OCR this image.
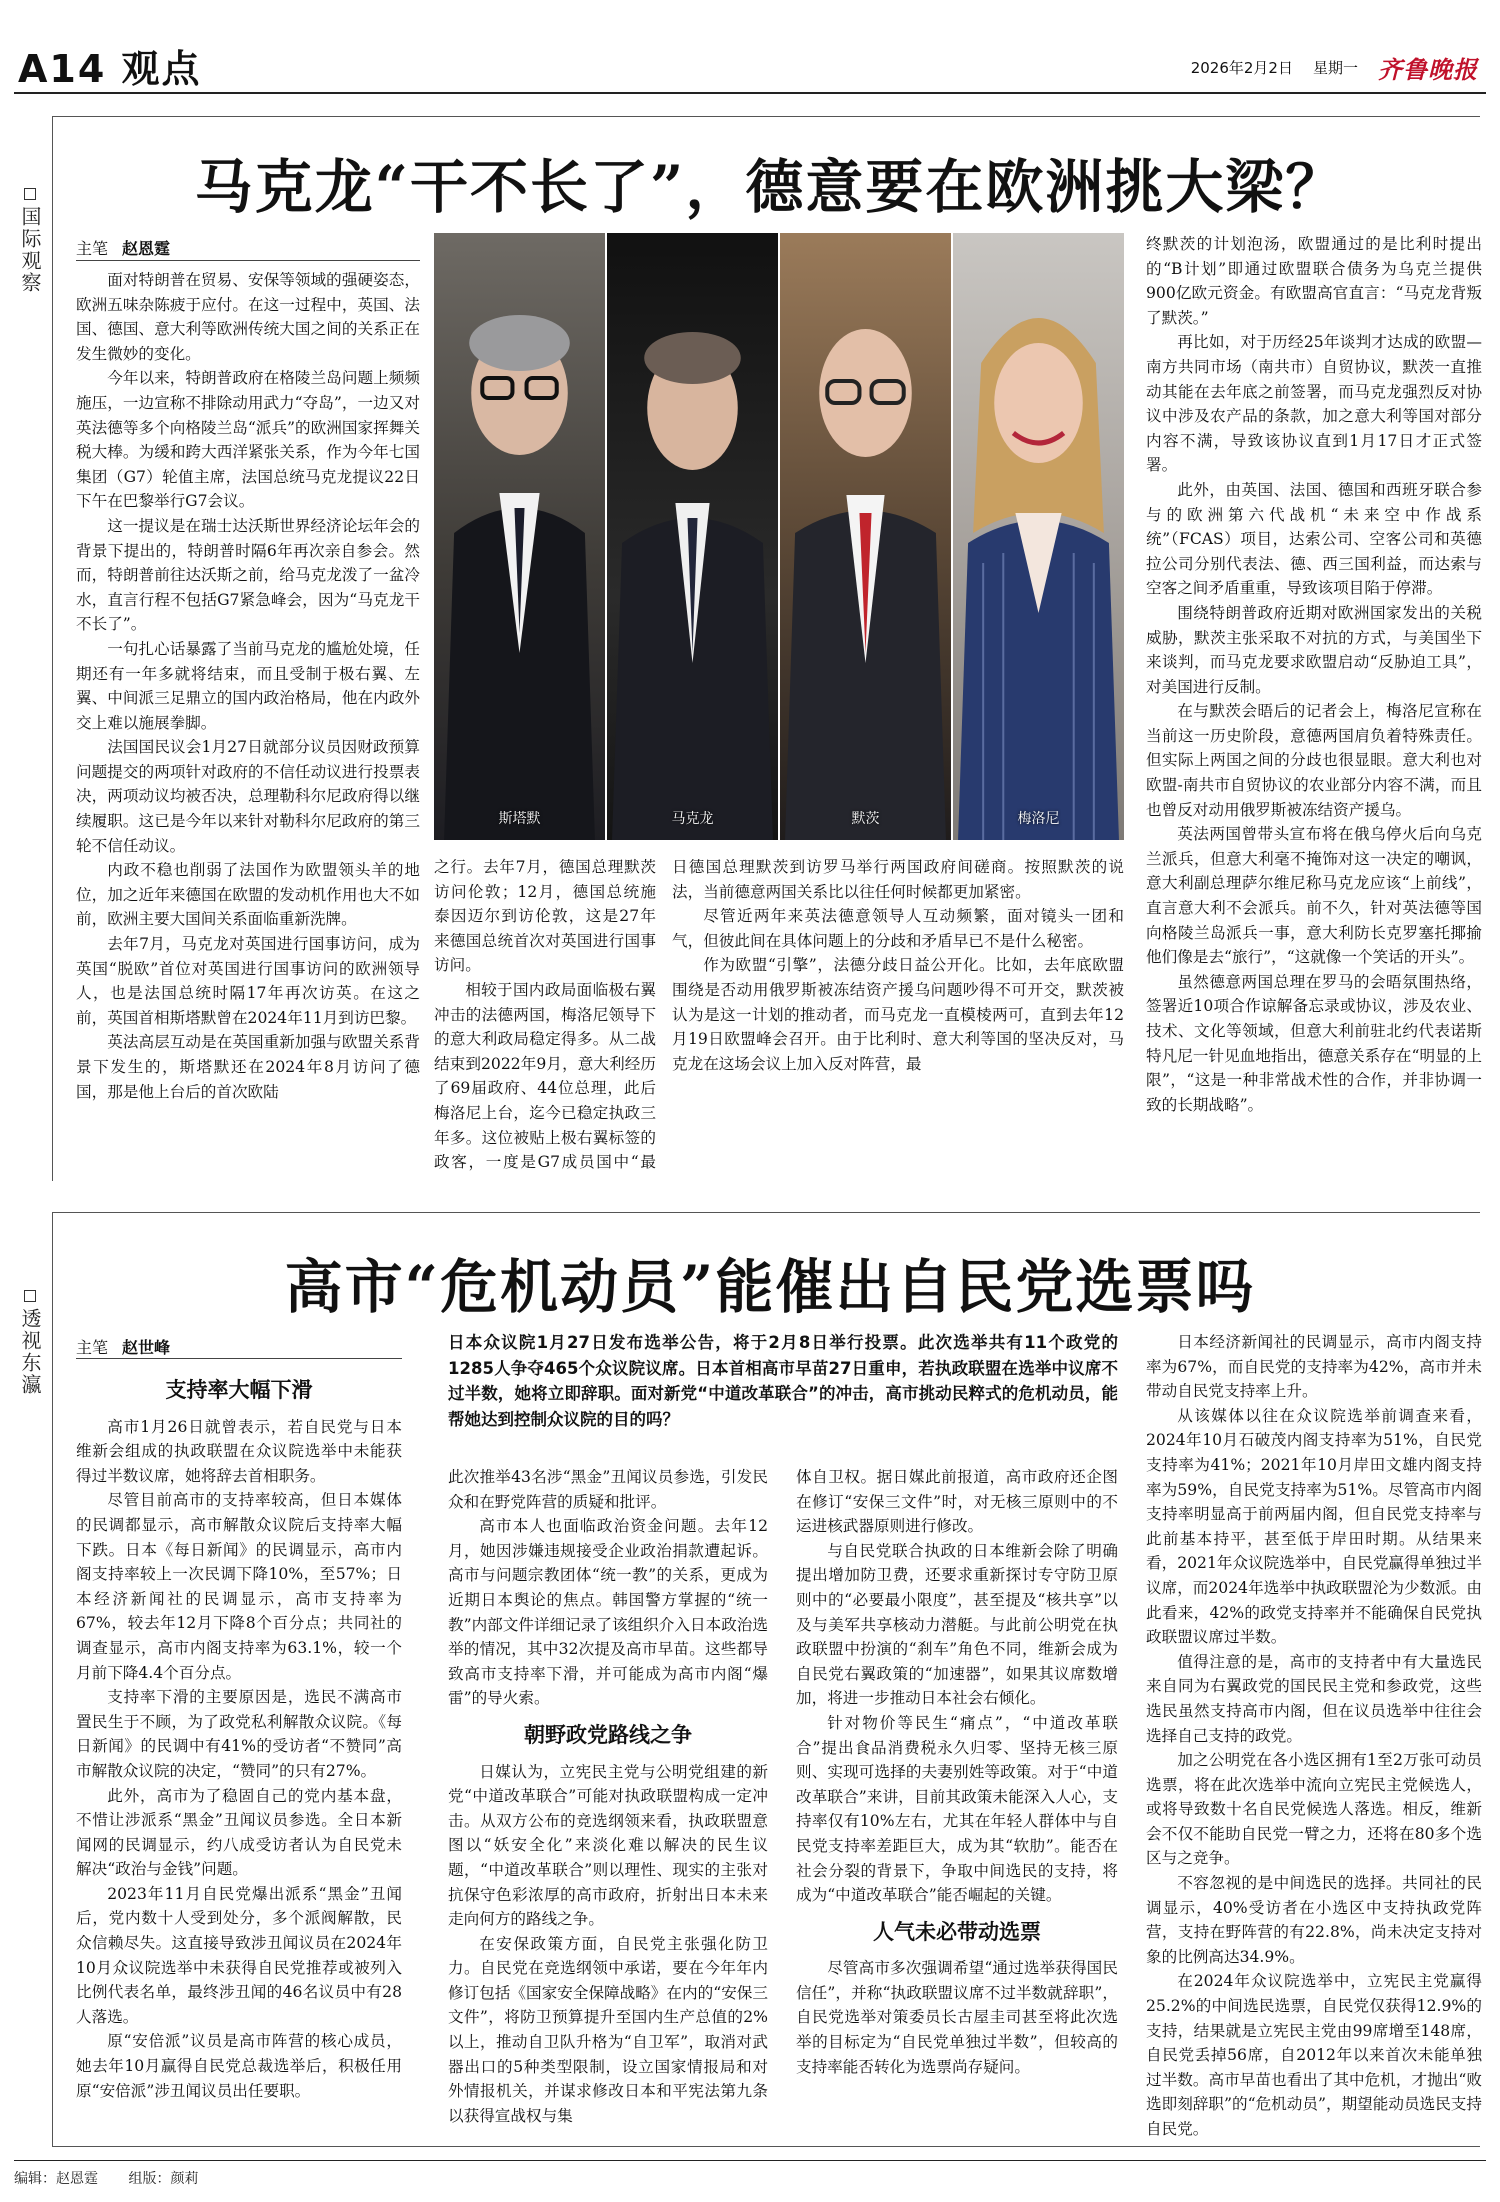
A14 观点	2026年2月2日 星期一 齐鲁晚报
国际观察
马克龙“干不长了”，德意要在欧洲挑大梁？
主笔 赵恩霆

面对特朗普在贸易、安保等领域的强硬姿态，欧洲五味杂陈疲于应付。在这一过程中，英国、法国、德国、意大利等欧洲传统大国之间的关系正在发生微妙的变化。

今年以来，特朗普政府在格陵兰岛问题上频频施压，一边宣称不排除动用武力“夺岛”，一边又对英法德等多个向格陵兰岛“派兵”的欧洲国家挥舞关税大棒。为缓和跨大西洋紧张关系，作为今年七国集团（G7）轮值主席，法国总统马克龙提议22日下午在巴黎举行G7会议。

这一提议是在瑞士达沃斯世界经济论坛年会的背景下提出的，特朗普时隔6年再次亲自参会。然而，特朗普前往达沃斯之前，给马克龙泼了一盆冷水，直言行程不包括G7紧急峰会，因为“马克龙干不长了”。

一句扎心话暴露了当前马克龙的尴尬处境，任期还有一年多就将结束，而且受制于极右翼、左翼、中间派三足鼎立的国内政治格局，他在内政外交上难以施展拳脚。

法国国民议会1月27日就部分议员因财政预算问题提交的两项针对政府的不信任动议进行投票表决，两项动议均被否决，总理勒科尔尼政府得以继续履职。这已是今年以来针对勒科尔尼政府的第三轮不信任动议。

内政不稳也削弱了法国作为欧盟领头羊的地位，加之近年来德国在欧盟的发动机作用也大不如前，欧洲主要大国间关系面临重新洗牌。

去年7月，马克龙对英国进行国事访问，成为英国“脱欧”首位对英国进行国事访问的欧洲领导人，也是法国总统时隔17年再次访英。在这之前，英国首相斯塔默曾在2024年11月到访巴黎。

英法高层互动是在英国重新加强与欧盟关系背景下发生的，斯塔默还在2024年8月访问了德国，那是他上台后的首次欧陆

斯塔默	马克龙	默茨	梅洛尼

之行。去年7月，德国总理默茨访问伦敦；12月，德国总统施泰因迈尔到访伦敦，这是27年来德国总统首次对英国进行国事访问。

相较于国内政局面临极右翼冲击的法德两国，梅洛尼领导下的意大利政局稳定得多。从二战结束到2022年9月，意大利经历了69届政府、44位总理，此后梅洛尼上台，迄今已稳定执政三年多。这位被贴上极右翼标签的政客，一度是G7成员国中“最

日德国总理默茨到访罗马举行两国政府间磋商。按照默茨的说法，当前德意两国关系比以往任何时候都更加紧密。

尽管近两年来英法德意领导人互动频繁，面对镜头一团和气，但彼此间在具体问题上的分歧和矛盾早已不是什么秘密。

作为欧盟“引擎”，法德分歧日益公开化。比如，去年底欧盟围绕是否动用俄罗斯被冻结资产援乌问题吵得不可开交，默茨被认为是这一计划的推动者，而马克龙一直模棱两可，直到去年12月19日欧盟峰会召开。由于比利时、意大利等国的坚决反对，马克龙在这场会议上加入反对阵营，最

终默茨的计划泡汤，欧盟通过的是比利时提出的“B计划”即通过欧盟联合债务为乌克兰提供900亿欧元资金。有欧盟高官直言：“马克龙背叛了默茨。”

再比如，对于历经25年谈判才达成的欧盟—南方共同市场（南共市）自贸协议，默茨一直推动其能在去年底之前签署，而马克龙强烈反对协议中涉及农产品的条款，加之意大利等国对部分内容不满，导致该协议直到1月17日才正式签署。

此外，由英国、法国、德国和西班牙联合参与的欧洲第六代战机“未来空中作战系统”（FCAS）项目，达索公司、空客公司和英德拉公司分别代表法、德、西三国利益，而达索与空客之间矛盾重重，导致该项目陷于停滞。

围绕特朗普政府近期对欧洲国家发出的关税威胁，默茨主张采取不对抗的方式，与美国坐下来谈判，而马克龙要求欧盟启动“反胁迫工具”，对美国进行反制。

在与默茨会晤后的记者会上，梅洛尼宣称在当前这一历史阶段，意德两国肩负着特殊责任。但实际上两国之间的分歧也很显眼。意大利也对欧盟-南共市自贸协议的农业部分内容不满，而且也曾反对动用俄罗斯被冻结资产援乌。

英法两国曾带头宣布将在俄乌停火后向乌克兰派兵，但意大利毫不掩饰对这一决定的嘲讽，意大利副总理萨尔维尼称马克龙应该“上前线”，直言意大利不会派兵。前不久，针对英法德等国向格陵兰岛派兵一事，意大利防长克罗塞托揶揄他们像是去“旅行”，“这就像一个笑话的开头”。

虽然德意两国总理在罗马的会晤氛围热络，签署近10项合作谅解备忘录或协议，涉及农业、技术、文化等领域，但意大利前驻北约代表诺斯特凡尼一针见血地指出，德意关系存在“明显的上限”，“这是一种非常战术性的合作，并非协调一致的长期战略”。

透视东瀛
高市“危机动员”能催出自民党选票吗
主笔 赵世峰	日本众议院1月27日发布选举公告，将于2月8日举行投票。此次选举共有11个政党的1285人争夺465个众议院议席。日本首相高市早苗27日重申，若执政联盟在选举中议席不过半数，她将立即辞职。面对新党“中道改革联合”的冲击，高市挑动民粹式的危机动员，能帮她达到控制众议院的目的吗？
支持率大幅下滑

高市1月26日就曾表示，若自民党与日本维新会组成的执政联盟在众议院选举中未能获得过半数议席，她将辞去首相职务。

尽管目前高市的支持率较高，但日本媒体的民调都显示，高市解散众议院后支持率大幅下跌。日本《每日新闻》的民调显示，高市内阁支持率较上一次民调下降10%，至57%；日本经济新闻社的民调显示，高市支持率为67%，较去年12月下降8个百分点；共同社的调查显示，高市内阁支持率为63.1%，较一个月前下降4.4个百分点。

支持率下滑的主要原因是，选民不满高市置民生于不顾，为了政党私利解散众议院。《每日新闻》的民调中有41%的受访者“不赞同”高市解散众议院的决定，“赞同”的只有27%。

此外，高市为了稳固自己的党内基本盘，不惜让涉派系“黑金”丑闻议员参选。全日本新闻网的民调显示，约八成受访者认为自民党未解决“政治与金钱”问题。

2023年11月自民党爆出派系“黑金”丑闻后，党内数十人受到处分，多个派阀解散，民众信赖尽失。这直接导致涉丑闻议员在2024年10月众议院选举中未获得自民党推荐或被列入比例代表名单，最终涉丑闻的46名议员中有28人落选。

原“安倍派”议员是高市阵营的核心成员，她去年10月赢得自民党总裁选举后，积极任用原“安倍派”涉丑闻议员出任要职。

此次推举43名涉“黑金”丑闻议员参选，引发民众和在野党阵营的质疑和批评。

高市本人也面临政治资金问题。去年12月，她因涉嫌违规接受企业政治捐款遭起诉。高市与问题宗教团体“统一教”的关系，更成为近期日本舆论的焦点。韩国警方掌握的“统一教”内部文件详细记录了该组织介入日本政治选举的情况，其中32次提及高市早苗。这些都导致高市支持率下滑，并可能成为高市内阁“爆雷”的导火索。

朝野政党路线之争

日媒认为，立宪民主党与公明党组建的新党“中道改革联合”可能对执政联盟构成一定冲击。从双方公布的竞选纲领来看，执政联盟意图以“妖安全化”来淡化难以解决的民生议题，“中道改革联合”则以理性、现实的主张对抗保守色彩浓厚的高市政府，折射出日本未来走向何方的路线之争。

在安保政策方面，自民党主张强化防卫力。自民党在竞选纲领中承诺，要在今年年内修订包括《国家安全保障战略》在内的“安保三文件”，将防卫预算提升至国内生产总值的2%以上，推动自卫队升格为“自卫军”，取消对武器出口的5种类型限制，设立国家情报局和对外情报机关，并谋求修改日本和平宪法第九条以获得宣战权与集

体自卫权。据日媒此前报道，高市政府还企图在修订“安保三文件”时，对无核三原则中的不运进核武器原则进行修改。

与自民党联合执政的日本维新会除了明确提出增加防卫费，还要求重新探讨专守防卫原则中的“必要最小限度”，甚至提及“核共享”以及与美军共享核动力潜艇。与此前公明党在执政联盟中扮演的“刹车”角色不同，维新会成为自民党右翼政策的“加速器”，如果其议席数增加，将进一步推动日本社会右倾化。

针对物价等民生“痛点”，“中道改革联合”提出食品消费税永久归零、坚持无核三原则、实现可选择的夫妻别姓等政策。对于“中道改革联合”来讲，目前其政策未能深入人心，支持率仅有10%左右，尤其在年轻人群体中与自民党支持率差距巨大，成为其“软肋”。能否在社会分裂的背景下，争取中间选民的支持，将成为“中道改革联合”能否崛起的关键。

人气未必带动选票

尽管高市多次强调希望“通过选举获得国民信任”，并称“执政联盟议席不过半数就辞职”，自民党选举对策委员长古屋圭司甚至将此次选举的目标定为“自民党单独过半数”，但较高的支持率能否转化为选票尚存疑问。

日本经济新闻社的民调显示，高市内阁支持率为67%，而自民党的支持率为42%，高市并未带动自民党支持率上升。

从该媒体以往在众议院选举前调查来看，2024年10月石破茂内阁支持率为51%，自民党支持率为41%；2021年10月岸田文雄内阁支持率为59%，自民党支持率为51%。尽管高市内阁支持率明显高于前两届内阁，但自民党支持率与此前基本持平，甚至低于岸田时期。从结果来看，2021年众议院选举中，自民党赢得单独过半议席，而2024年选举中执政联盟沦为少数派。由此看来，42%的政党支持率并不能确保自民党执政联盟议席过半数。

值得注意的是，高市的支持者中有大量选民来自同为右翼政党的国民民主党和参政党，这些选民虽然支持高市内阁，但在议员选举中往往会选择自己支持的政党。

加之公明党在各小选区拥有1至2万张可动员选票，将在此次选举中流向立宪民主党候选人，或将导致数十名自民党候选人落选。相反，维新会不仅不能助自民党一臂之力，还将在80多个选区与之竞争。

不容忽视的是中间选民的选择。共同社的民调显示，40%受访者在小选区中支持执政党阵营，支持在野阵营的有22.8%，尚未决定支持对象的比例高达34.9%。

在2024年众议院选举中，立宪民主党赢得25.2%的中间选民选票，自民党仅获得12.9%的支持，结果就是立宪民主党由99席增至148席，自民党丢掉56席，自2012年以来首次未能单独过半数。高市早苗也看出了其中危机，才抛出“败选即刻辞职”的“危机动员”，期望能动员选民支持自民党。

编辑：赵恩霆 组版：颜莉
